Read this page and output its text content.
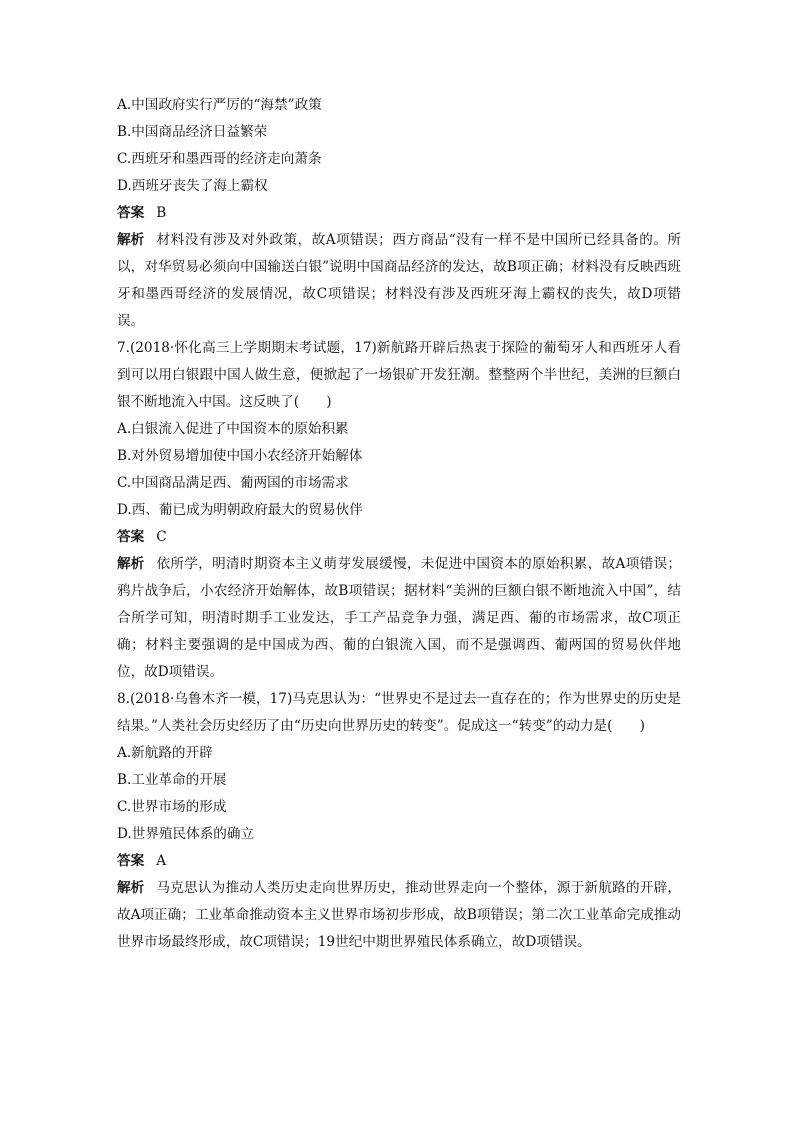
A.中国政府实行严厉的“海禁”政策
B.中国商品经济日益繁荣
C.西班牙和墨西哥的经济走向萧条
D.西班牙丧失了海上霸权
答案 B
解析 材料没有涉及对外政策，故A项错误；西方商品“没有一样不是中国所已经具备的。所以，对华贸易必须向中国输送白银”说明中国商品经济的发达，故B项正确；材料没有反映西班牙和墨西哥经济的发展情况，故C项错误；材料没有涉及西班牙海上霸权的丧失，故D项错误。
7.(2018·怀化高三上学期期末考试题，17)新航路开辟后热衷于探险的葡萄牙人和西班牙人看到可以用白银跟中国人做生意，便掀起了一场银矿开发狂潮。整整两个半世纪，美洲的巨额白银不断地流入中国。这反映了(　　)
A.白银流入促进了中国资本的原始积累
B.对外贸易增加使中国小农经济开始解体
C.中国商品满足西、葡两国的市场需求
D.西、葡已成为明朝政府最大的贸易伙伴
答案 C
解析 依所学，明清时期资本主义萌芽发展缓慢，未促进中国资本的原始积累，故A项错误；鸦片战争后，小农经济开始解体，故B项错误；据材料“美洲的巨额白银不断地流入中国”，结合所学可知，明清时期手工业发达，手工产品竞争力强，满足西、葡的市场需求，故C项正确；材料主要强调的是中国成为西、葡的白银流入国，而不是强调西、葡两国的贸易伙伴地位，故D项错误。
8.(2018·乌鲁木齐一模，17)马克思认为：“世界史不是过去一直存在的；作为世界史的历史是结果。”人类社会历史经历了由“历史向世界历史的转变”。促成这一“转变”的动力是(　　)
A.新航路的开辟
B.工业革命的开展
C.世界市场的形成
D.世界殖民体系的确立
答案 A
解析 马克思认为推动人类历史走向世界历史，推动世界走向一个整体，源于新航路的开辟，故A项正确；工业革命推动资本主义世界市场初步形成，故B项错误；第二次工业革命完成推动世界市场最终形成，故C项错误；19世纪中期世界殖民体系确立，故D项错误。
